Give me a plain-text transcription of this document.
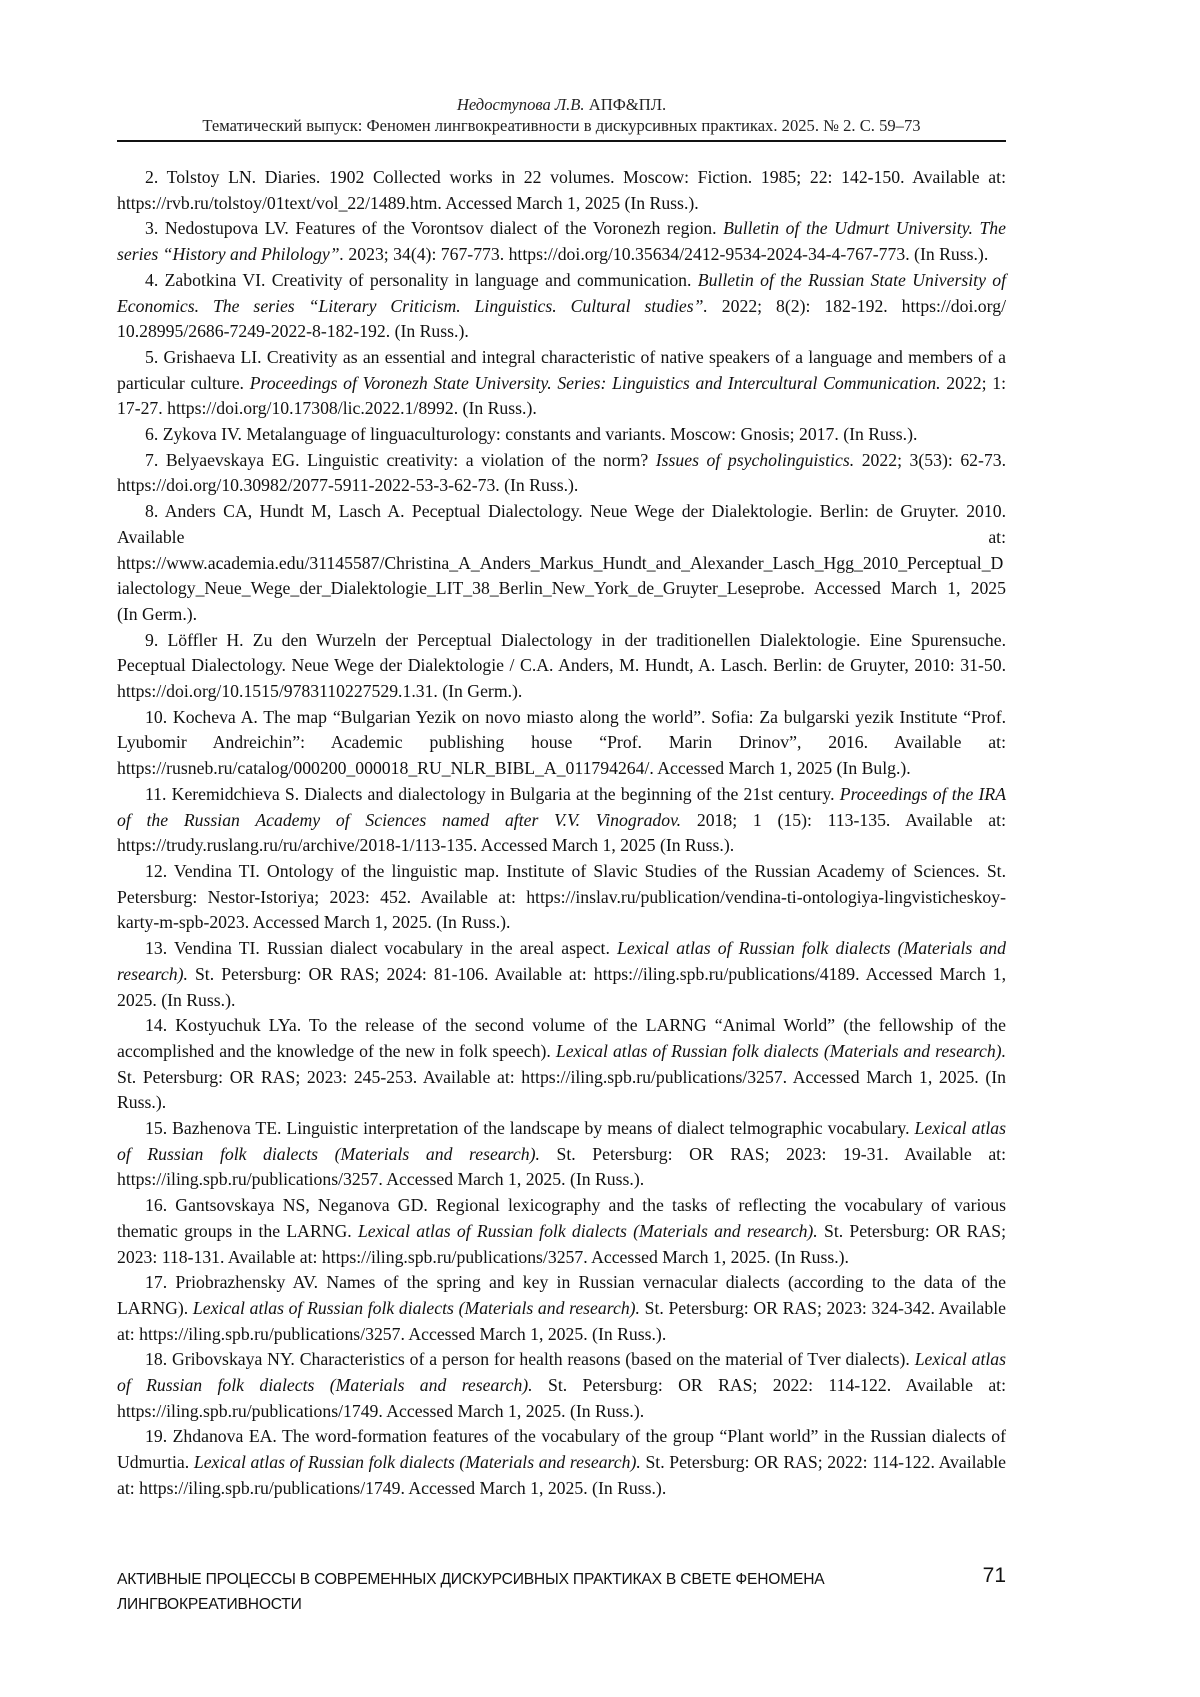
Недоступова Л.В. АПФ&ПЛ.
Тематический выпуск: Феномен лингвокреативности в дискурсивных практиках. 2025. № 2. С. 59–73
2. Tolstoy LN. Diaries. 1902 Collected works in 22 volumes. Moscow: Fiction. 1985; 22: 142-150. Available at: https://rvb.ru/tolstoy/01text/vol_22/1489.htm. Accessed March 1, 2025 (In Russ.).
3. Nedostupova LV. Features of the Vorontsov dialect of the Voronezh region. Bulletin of the Udmurt University. The series “History and Philology”. 2023; 34(4): 767-773. https://doi.org/10.35634/2412-9534-2024-34-4-767-773. (In Russ.).
4. Zabotkina VI. Creativity of personality in language and communication. Bulletin of the Russian State University of Economics. The series “Literary Criticism. Linguistics. Cultural studies”. 2022; 8(2): 182-192. https://doi.org/ 10.28995/2686-7249-2022-8-182-192. (In Russ.).
5. Grishaeva LI. Creativity as an essential and integral characteristic of native speakers of a language and members of a particular culture. Proceedings of Voronezh State University. Series: Linguistics and Intercultural Communication. 2022; 1: 17-27. https://doi.org/10.17308/lic.2022.1/8992. (In Russ.).
6. Zykova IV. Metalanguage of linguaculturology: constants and variants. Moscow: Gnosis; 2017. (In Russ.).
7. Belyaevskaya EG. Linguistic creativity: a violation of the norm? Issues of psycholinguistics. 2022; 3(53): 62-73. https://doi.org/10.30982/2077-5911-2022-53-3-62-73. (In Russ.).
8. Anders CA, Hundt M, Lasch A. Peceptual Dialectology. Neue Wege der Dialektologie. Berlin: de Gruyter. 2010. Available at: https://www.academia.edu/31145587/Christina_A_Anders_Markus_Hundt_and_Alexander_Lasch_Hgg_2010_Perceptual_Dialectology_Neue_Wege_der_Dialektologie_LIT_38_Berlin_New_York_de_Gruyter_Leseprobe. Accessed March 1, 2025 (In Germ.).
9. Löffler H. Zu den Wurzeln der Perceptual Dialectology in der traditionellen Dialektologie. Eine Spurensuche. Peceptual Dialectology. Neue Wege der Dialektologie / C.A. Anders, M. Hundt, A. Lasch. Berlin: de Gruyter, 2010: 31-50. https://doi.org/10.1515/9783110227529.1.31. (In Germ.).
10. Kocheva A. The map “Bulgarian Yezik on novo miasto along the world”. Sofia: Za bulgarski yezik Institute “Prof. Lyubomir Andreichin”: Academic publishing house “Prof. Marin Drinov”, 2016. Available at: https://rusneb.ru/catalog/000200_000018_RU_NLR_BIBL_A_011794264/. Accessed March 1, 2025 (In Bulg.).
11. Keremidchieva S. Dialects and dialectology in Bulgaria at the beginning of the 21st century. Proceedings of the IRA of the Russian Academy of Sciences named after V.V. Vinogradov. 2018; 1 (15): 113-135. Available at: https://trudy.ruslang.ru/ru/archive/2018-1/113-135. Accessed March 1, 2025 (In Russ.).
12. Vendina TI. Ontology of the linguistic map. Institute of Slavic Studies of the Russian Academy of Sciences. St. Petersburg: Nestor-Istoriya; 2023: 452. Available at: https://inslav.ru/publication/vendina-ti-ontologiya-lingvisticheskoy-karty-m-spb-2023. Accessed March 1, 2025. (In Russ.).
13. Vendina TI. Russian dialect vocabulary in the areal aspect. Lexical atlas of Russian folk dialects (Materials and research). St. Petersburg: OR RAS; 2024: 81-106. Available at: https://iling.spb.ru/publications/4189. Accessed March 1, 2025. (In Russ.).
14. Kostyuchuk LYa. To the release of the second volume of the LARNG “Animal World” (the fellowship of the accomplished and the knowledge of the new in folk speech). Lexical atlas of Russian folk dialects (Materials and research). St. Petersburg: OR RAS; 2023: 245-253. Available at: https://iling.spb.ru/publications/3257. Accessed March 1, 2025. (In Russ.).
15. Bazhenova TE. Linguistic interpretation of the landscape by means of dialect telmographic vocabulary. Lexical atlas of Russian folk dialects (Materials and research). St. Petersburg: OR RAS; 2023: 19-31. Available at: https://iling.spb.ru/publications/3257. Accessed March 1, 2025. (In Russ.).
16. Gantsovskaya NS, Neganova GD. Regional lexicography and the tasks of reflecting the vocabulary of various thematic groups in the LARNG. Lexical atlas of Russian folk dialects (Materials and research). St. Petersburg: OR RAS; 2023: 118-131. Available at: https://iling.spb.ru/publications/3257. Accessed March 1, 2025. (In Russ.).
17. Priobrazhensky AV. Names of the spring and key in Russian vernacular dialects (according to the data of the LARNG). Lexical atlas of Russian folk dialects (Materials and research). St. Petersburg: OR RAS; 2023: 324-342. Available at: https://iling.spb.ru/publications/3257. Accessed March 1, 2025. (In Russ.).
18. Gribovskaya NY. Characteristics of a person for health reasons (based on the material of Tver dialects). Lexical atlas of Russian folk dialects (Materials and research). St. Petersburg: OR RAS; 2022: 114-122. Available at: https://iling.spb.ru/publications/1749. Accessed March 1, 2025. (In Russ.).
19. Zhdanova EA. The word-formation features of the vocabulary of the group “Plant world” in the Russian dialects of Udmurtia. Lexical atlas of Russian folk dialects (Materials and research). St. Petersburg: OR RAS; 2022: 114-122. Available at: https://iling.spb.ru/publications/1749. Accessed March 1, 2025. (In Russ.).
АКТИВНЫЕ ПРОЦЕССЫ В СОВРЕМЕННЫХ ДИСКУРСИВНЫХ ПРАКТИКАХ В СВЕТЕ ФЕНОМЕНА ЛИНГВОКРЕАТИВНОСТИ
71
